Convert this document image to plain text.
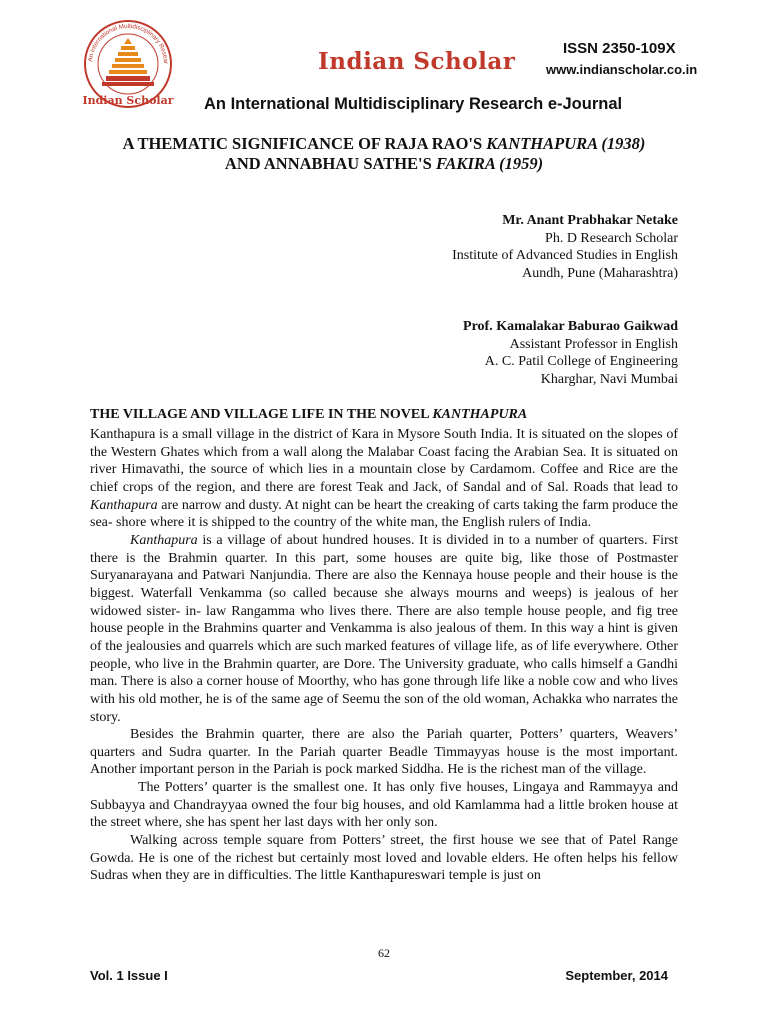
An International Multidisciplinary Resear
Indian Scholar
Indian Scholar	ISSN 2350-109X
www.indianscholar.co.in
An International Multidisciplinary Research e-Journal
A THEMATIC SIGNIFICANCE OF RAJA RAO'S KANTHAPURA (1938)
AND ANNABHAU SATHE'S FAKIRA (1959)
Mr. Anant Prabhakar Netake
Ph. D Research Scholar
Institute of Advanced Studies in English
Aundh, Pune (Maharashtra)
Prof. Kamalakar Baburao Gaikwad
Assistant Professor in English
A. C. Patil College of Engineering
Kharghar, Navi Mumbai
THE VILLAGE AND VILLAGE LIFE IN THE NOVEL KANTHAPURA

Kanthapura is a small village in the district of Kara in Mysore South India. It is situated on the slopes of the Western Ghates which from a wall along the Malabar Coast facing the Arabian Sea. It is situated on river Himavathi, the source of which lies in a mountain close by Cardamom. Coffee and Rice are the chief crops of the region, and there are forest Teak and Jack, of Sandal and of Sal. Roads that lead to Kanthapura are narrow and dusty. At night can be heart the creaking of carts taking the farm produce the sea- shore where it is shipped to the country of the white man, the English rulers of India.

Kanthapura is a village of about hundred houses. It is divided in to a number of quarters. First there is the Brahmin quarter. In this part, some houses are quite big, like those of Postmaster Suryanarayana and Patwari Nanjundia. There are also the Kennaya house people and their house is the biggest. Waterfall Venkamma (so called because she always mourns and weeps) is jealous of her widowed sister- in- law Rangamma who lives there. There are also temple house people, and fig tree house people in the Brahmins quarter and Venkamma is also jealous of them. In this way a hint is given of the jealousies and quarrels which are such marked features of village life, as of life everywhere. Other people, who live in the Brahmin quarter, are Dore. The University graduate, who calls himself a Gandhi man. There is also a corner house of Moorthy, who has gone through life like a noble cow and who lives with his old mother, he is of the same age of Seemu the son of the old woman, Achakka who narrates the story.

Besides the Brahmin quarter, there are also the Pariah quarter, Potters’ quarters, Weavers’ quarters and Sudra quarter. In the Pariah quarter Beadle Timmayyas house is the most important. Another important person in the Pariah is pock marked Siddha. He is the richest man of the village.

The Potters’ quarter is the smallest one. It has only five houses, Lingaya and Rammayya and Subbayya and Chandrayyaa owned the four big houses, and old Kamlamma had a little broken house at the street where, she has spent her last days with her only son.

Walking across temple square from Potters’ street, the first house we see that of Patel Range Gowda. He is one of the richest but certainly most loved and lovable elders. He often helps his fellow Sudras when they are in difficulties. The little Kanthapureswari temple is just on

62
Vol. 1 Issue I	September, 2014
